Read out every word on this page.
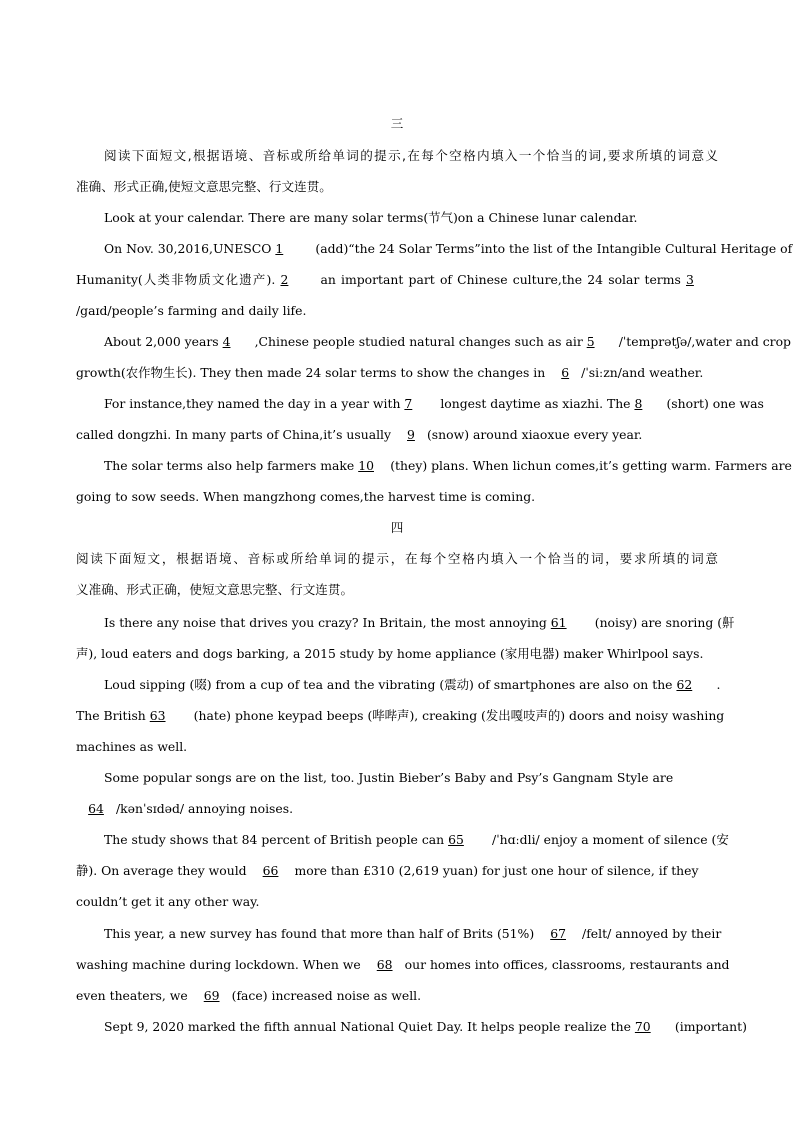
三
阅读下面短文,根据语境、音标或所给单词的提示,在每个空格内填入一个恰当的词,要求所填的词意义
准确、形式正确,使短文意思完整、行文连贯。
Look at your calendar. There are many solar terms(节气)on a Chinese lunar calendar.
On Nov. 30,2016,UNESCO 1	(add)“the 24 Solar Terms”into the list of the Intangible Cultural Heritage of
Humanity(人类非物质文化遗产). 2	an important part of Chinese culture,the 24 solar terms 3
/gaɪd/people’s farming and daily life.
About 2,000 years 4 ,Chinese people studied natural changes such as air 5 /ˈtemprətʃə/,water and crop
growth(农作物生长). They then made 24 solar terms to show the changes in 6 /ˈsiːzn/and weather.
For instance,they named the day in a year with 7 longest daytime as xiazhi. The 8 (short) one was
called dongzhi. In many parts of China,it’s usually 9 (snow) around xiaoxue every year.
The solar terms also help farmers make 10 (they) plans. When lichun comes,it’s getting warm. Farmers are
going to sow seeds. When mangzhong comes,the harvest time is coming.
四
阅读下面短文，根据语境、音标或所给单词的提示，在每个空格内填入一个恰当的词，要求所填的词意
义准确、形式正确，使短文意思完整、行文连贯。
Is there any noise that drives you crazy? In Britain, the most annoying 61 (noisy) are snoring (鼾
声), loud eaters and dogs barking, a 2015 study by home appliance (家用电器) maker Whirlpool says.
Loud sipping (啜) from a cup of tea and the vibrating (震动) of smartphones are also on the 62 .
The British 63 (hate) phone keypad beeps (哔哔声), creaking (发出嘎吱声的) doors and noisy washing
machines as well.
Some popular songs are on the list, too. Justin Bieber’s Baby and Psy’s Gangnam Style are
64 /kənˈsɪdəd/ annoying noises.
The study shows that 84 percent of British people can 65 /ˈhɑːdli/ enjoy a moment of silence (安
静). On average they would 66 more than £310 (2,619 yuan) for just one hour of silence, if they
couldn’t get it any other way.
This year, a new survey has found that more than half of Brits (51%) 67 /felt/ annoyed by their
washing machine during lockdown. When we 68 our homes into offices, classrooms, restaurants and
even theaters, we 69 (face) increased noise as well.
Sept 9, 2020 marked the fifth annual National Quiet Day. It helps people realize the 70 (important)
